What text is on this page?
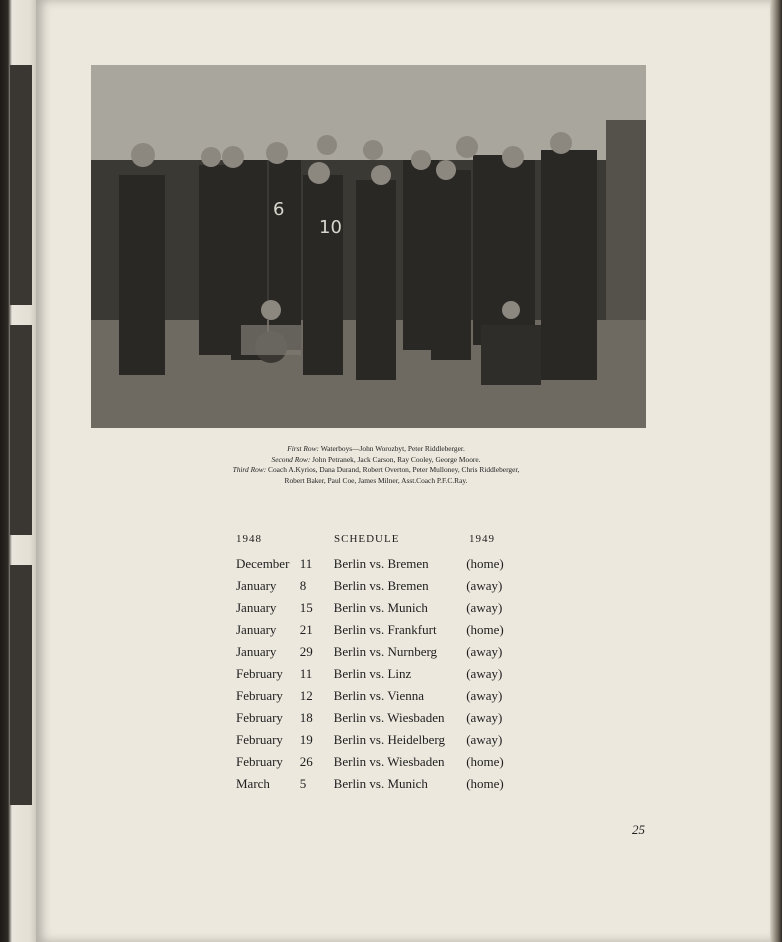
10
6
First Row: Waterboys—John Worozbyt, Peter Riddleberger.
Second Row: John Petranek, Jack Carson, Ray Cooley, George Moore.
Third Row: Coach A.Kyrios, Dana Durand, Robert Overton, Peter Mulloney, Chris Riddleberger,
Robert Baker, Paul Coe, James Milner, Asst.Coach P.F.C.Ray.
1948	SCHEDULE	1949
December 11	Berlin vs. Bremen	(home)
January	8	Berlin vs. Bremen	(away)
January	15	Berlin vs. Munich	(away)
January	21	Berlin vs. Frankfurt	(home)
January	29	Berlin vs. Nurnberg	(away)
February	11	Berlin vs. Linz	(away)
February	12	Berlin vs. Vienna	(away)
February	18	Berlin vs. Wiesbaden	(away)
February	19	Berlin vs. Heidelberg	(away)
February	26	Berlin vs. Wiesbaden	(home)
March	5	Berlin vs. Munich	(home)
25
